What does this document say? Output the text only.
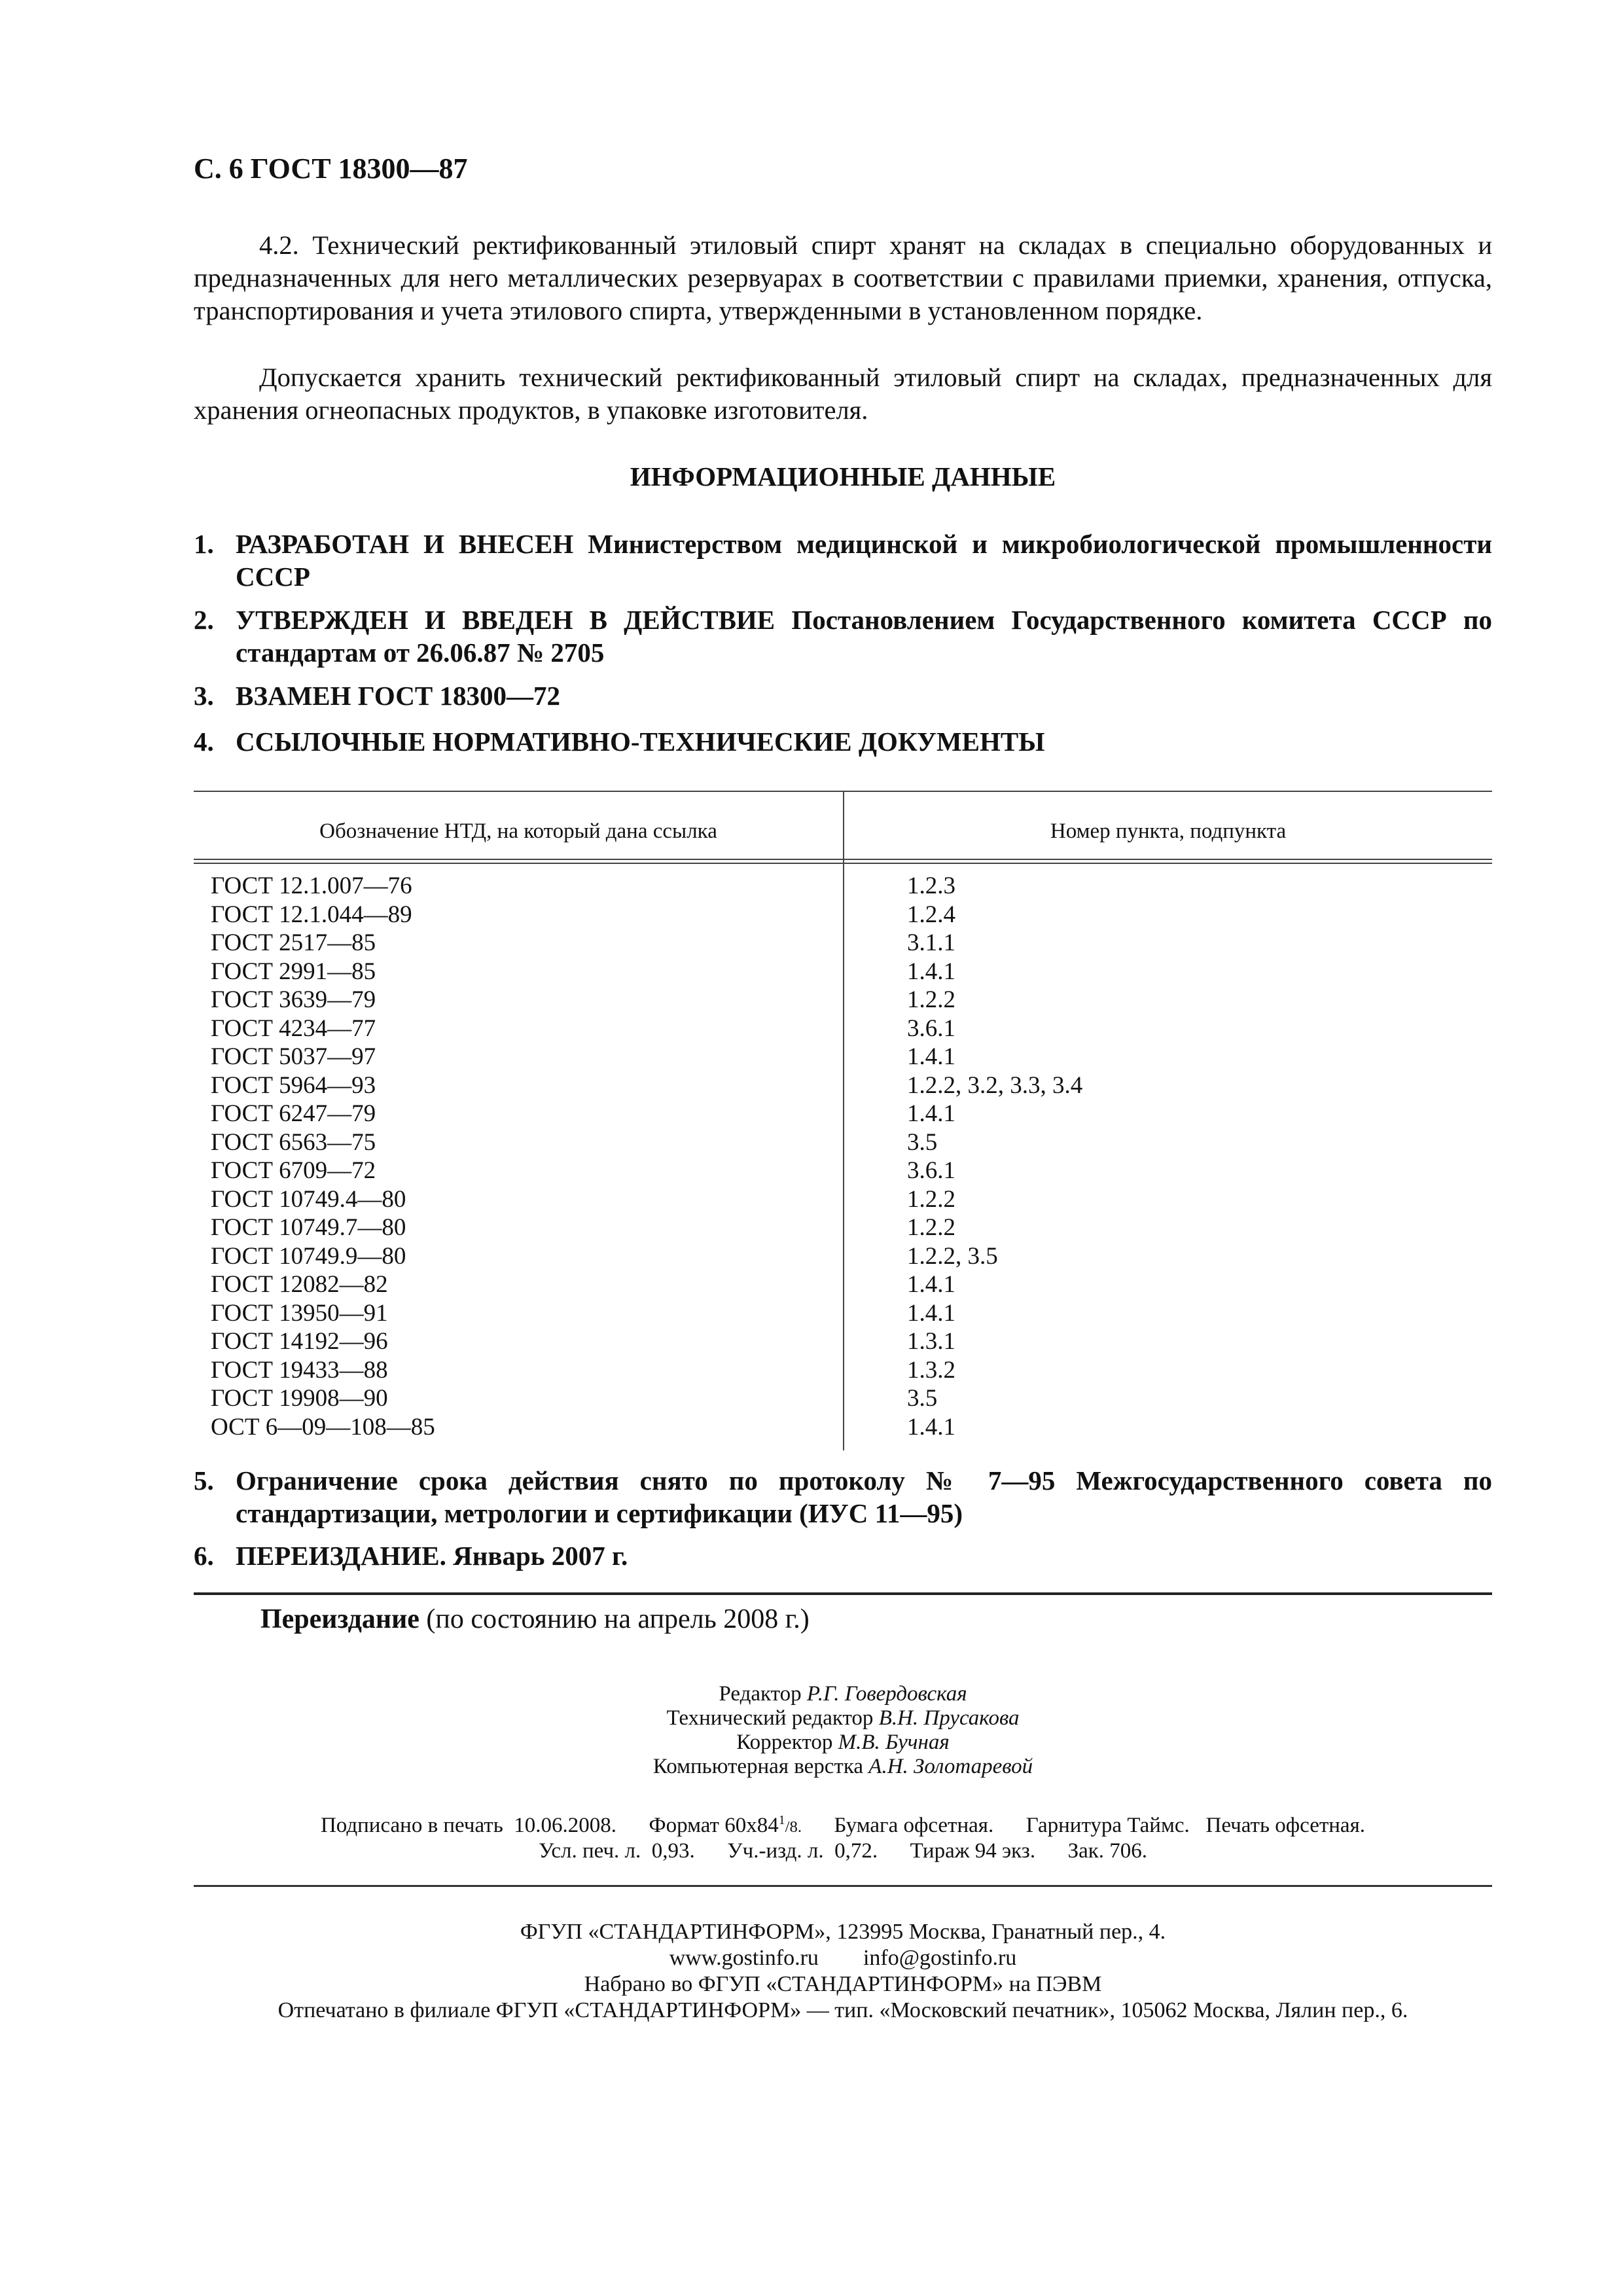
С. 6 ГОСТ 18300—87
4.2. Технический ректификованный этиловый спирт хранят на складах в специально оборудованных и предназначенных для него металлических резервуарах в соответствии с правилами приемки, хранения, отпуска, транспортирования и учета этилового спирта, утвержденными в установленном порядке.
Допускается хранить технический ректификованный этиловый спирт на складах, предназначенных для хранения огнеопасных продуктов, в упаковке изготовителя.
ИНФОРМАЦИОННЫЕ ДАННЫЕ
1. РАЗРАБОТАН И ВНЕСЕН Министерством медицинской и микробиологической промышленности СССР
2. УТВЕРЖДЕН И ВВЕДЕН В ДЕЙСТВИЕ Постановлением Государственного комитета СССР по стандартам от 26.06.87 № 2705
3. ВЗАМЕН ГОСТ 18300—72
4. ССЫЛОЧНЫЕ НОРМАТИВНО-ТЕХНИЧЕСКИЕ ДОКУМЕНТЫ
Обозначение НТД, на который дана ссылка	Номер пункта, подпункта
ГОСТ 12.1.007—76
ГОСТ 12.1.044—89
ГОСТ 2517—85
ГОСТ 2991—85
ГОСТ 3639—79
ГОСТ 4234—77
ГОСТ 5037—97
ГОСТ 5964—93
ГОСТ 6247—79
ГОСТ 6563—75
ГОСТ 6709—72
ГОСТ 10749.4—80
ГОСТ 10749.7—80
ГОСТ 10749.9—80
ГОСТ 12082—82
ГОСТ 13950—91
ГОСТ 14192—96
ГОСТ 19433—88
ГОСТ 19908—90
ОСТ 6—09—108—85
1.2.3
1.2.4
3.1.1
1.4.1
1.2.2
3.6.1
1.4.1
1.2.2, 3.2, 3.3, 3.4
1.4.1
3.5
3.6.1
1.2.2
1.2.2
1.2.2, 3.5
1.4.1
1.4.1
1.3.1
1.3.2
3.5
1.4.1
5. Ограничение срока действия снято по протоколу № 7—95 Межгосударственного совета по стандартизации, метрологии и сертификации (ИУС 11—95)
6. ПЕРЕИЗДАНИЕ. Январь 2007 г.
Переиздание (по состоянию на апрель 2008 г.)
Редактор Р.Г. Говердовская
Технический редактор В.Н. Прусакова
Корректор М.В. Бучная
Компьютерная верстка А.Н. Золотаревой
Подписано в печать 10.06.2008. Формат $60x84^1/8$. Бумага офсетная. Гарнитура Таймс. Печать офсетная.
Усл. печ. л. 0,93. Уч.-изд. л. 0,72. Тираж 94 экз. Зак. 706.
ФГУП «СТАНДАРТИНФОРМ», 123995 Москва, Гранатный пер., 4.
www.gostinfo.ru info@gostinfo.ru
Набрано во ФГУП «СТАНДАРТИНФОРМ» на ПЭВМ
Отпечатано в филиале ФГУП «СТАНДАРТИНФОРМ» — тип. «Московский печатник», 105062 Москва, Лялин пер., 6.
